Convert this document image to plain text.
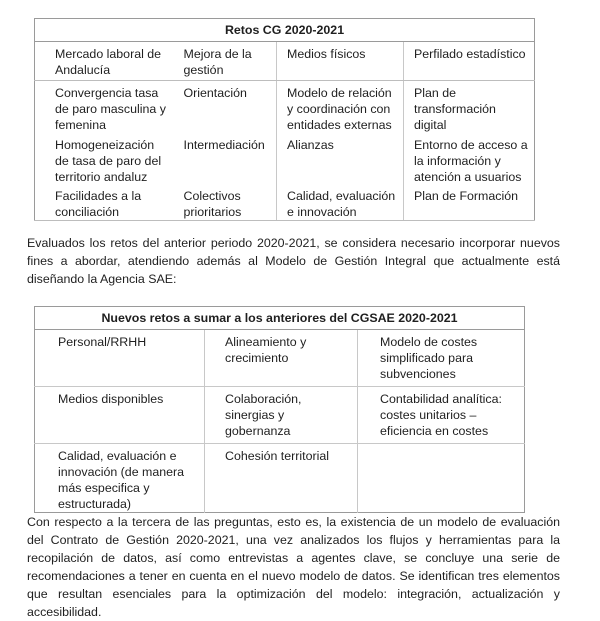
Retos CG 2020-2021			
Mercado laboral de Andalucía	Mejora de la gestión	Medios físicos	Perfilado estadístico
Convergencia tasa de paro masculina y femenina	Orientación	Modelo de relación y coordinación con entidades externas	Plan de transformación digital
Homogeneización de tasa de paro del territorio andaluz	Intermediación	Alianzas	Entorno de acceso a la información y atención a usuarios
Facilidades a la conciliación	Colectivos prioritarios	Calidad, evaluación e innovación	Plan de Formación

Evaluados los retos del anterior periodo 2020-2021, se considera necesario incorporar nuevos fines a abordar, atendiendo además al Modelo de Gestión Integral que actualmente está diseñando la Agencia SAE:

Nuevos retos a sumar a los anteriores del CGSAE 2020-2021		
Personal/RRHH	Alineamiento y crecimiento	Modelo de costes simplificado para subvenciones
Medios disponibles	Colaboración, sinergias y gobernanza	Contabilidad analítica: costes unitarios – eficiencia en costes
Calidad, evaluación e innovación (de manera más especifica y estructurada)	Cohesión territorial	

Con respecto a la tercera de las preguntas, esto es, la existencia de un modelo de evaluación del Contrato de Gestión 2020-2021, una vez analizados los flujos y herramientas para la recopilación de datos, así como entrevistas a agentes clave, se concluye una serie de recomendaciones a tener en cuenta en el nuevo modelo de datos. Se identifican tres elementos que resultan esenciales para la optimización del modelo: integración, actualización y accesibilidad.
